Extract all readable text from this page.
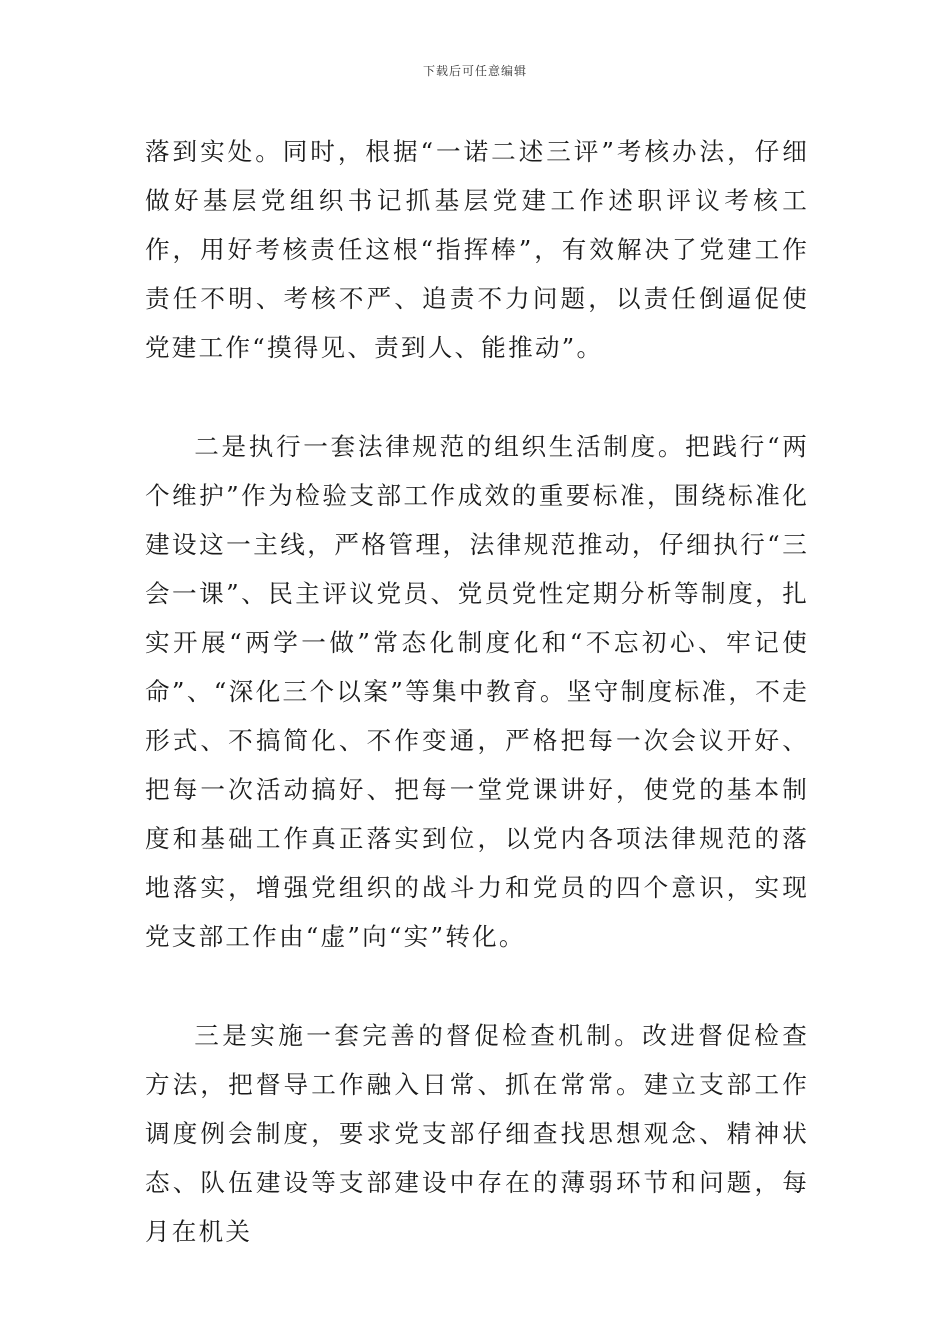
下载后可任意编辑

落到实处。同时，根据“一诺二述三评”考核办法，仔细做好基层党组织书记抓基层党建工作述职评议考核工作，用好考核责任这根“指挥棒”，有效解决了党建工作责任不明、考核不严、追责不力问题，以责任倒逼促使党建工作“摸得见、责到人、能推动”。

二是执行一套法律规范的组织生活制度。把践行“两个维护”作为检验支部工作成效的重要标准，围绕标准化建设这一主线，严格管理，法律规范推动，仔细执行“三会一课”、民主评议党员、党员党性定期分析等制度，扎实开展“两学一做”常态化制度化和“不忘初心、牢记使命”、“深化三个以案”等集中教育。坚守制度标准，不走形式、不搞简化、不作变通，严格把每一次会议开好、把每一次活动搞好、把每一堂党课讲好，使党的基本制度和基础工作真正落实到位，以党内各项法律规范的落地落实，增强党组织的战斗力和党员的四个意识，实现党支部工作由“虚”向“实”转化。

三是实施一套完善的督促检查机制。改进督促检查方法，把督导工作融入日常、抓在常常。建立支部工作调度例会制度，要求党支部仔细查找思想观念、精神状态、队伍建设等支部建设中存在的薄弱环节和问题，每月在机关
